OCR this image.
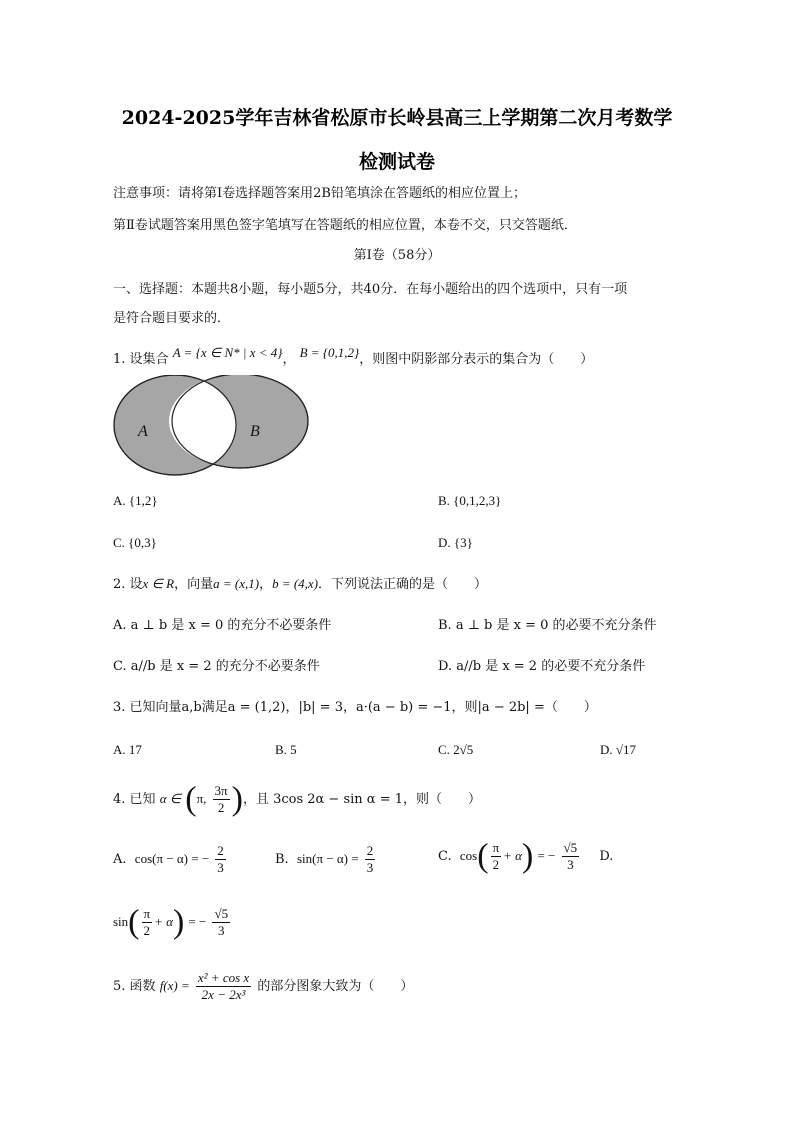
2024-2025学年吉林省松原市长岭县高三上学期第二次月考数学
检测试卷
注意事项：请将第Ⅰ卷选择题答案用2B铅笔填涂在答题纸的相应位置上；
第Ⅱ卷试题答案用黑色签字笔填写在答题纸的相应位置，本卷不交，只交答题纸．
第Ⅰ卷（58分）
一、选择题：本题共8小题，每小题5分，共40分．在每小题给出的四个选项中，只有一项
是符合题目要求的．
1. 设集合 A = {x ∈ N* | x < 4}， B = {0,1,2}，则图中阴影部分表示的集合为（　　）
A	B
A. {1,2}	B. {0,1,2,3}
C. {0,3}	D. {3}
2. 设x ∈ R，向量a = (x,1)，b = (4,x)．下列说法正确的是（　　）
A. a ⊥ b 是 x = 0 的充分不必要条件	B. a ⊥ b 是 x = 0 的必要不充分条件
C. a//b 是 x = 2 的充分不必要条件	D. a//b 是 x = 2 的必要不充分条件
3. 已知向量a,b满足a = (1,2)，|b| = 3，a·(a − b) = −1，则|a − 2b| =（　　）
A. 17	B. 5	C. 2√5	D. √17
4. 已知 α ∈ (π, $\frac{3\pi}{2}$ )，且 3cos 2α − sin α = 1，则（　　）
A. cos(π − α) = − $\frac{2}{3}$	B. $\sin(\pi - \alpha) = \frac{2}{3}$	C. $\cos( \frac{\pi}{2} + \alpha)$ = − $\frac{√5}{3} D$.
$\sin( \frac{\pi}{2} + \alpha)$ = − $\frac{√5}{3}$
5. 函数 $f(x) = \frac{\text{x² + cos x}}{\text{2x − 2x³}}$ 的部分图象大致为（　　）
